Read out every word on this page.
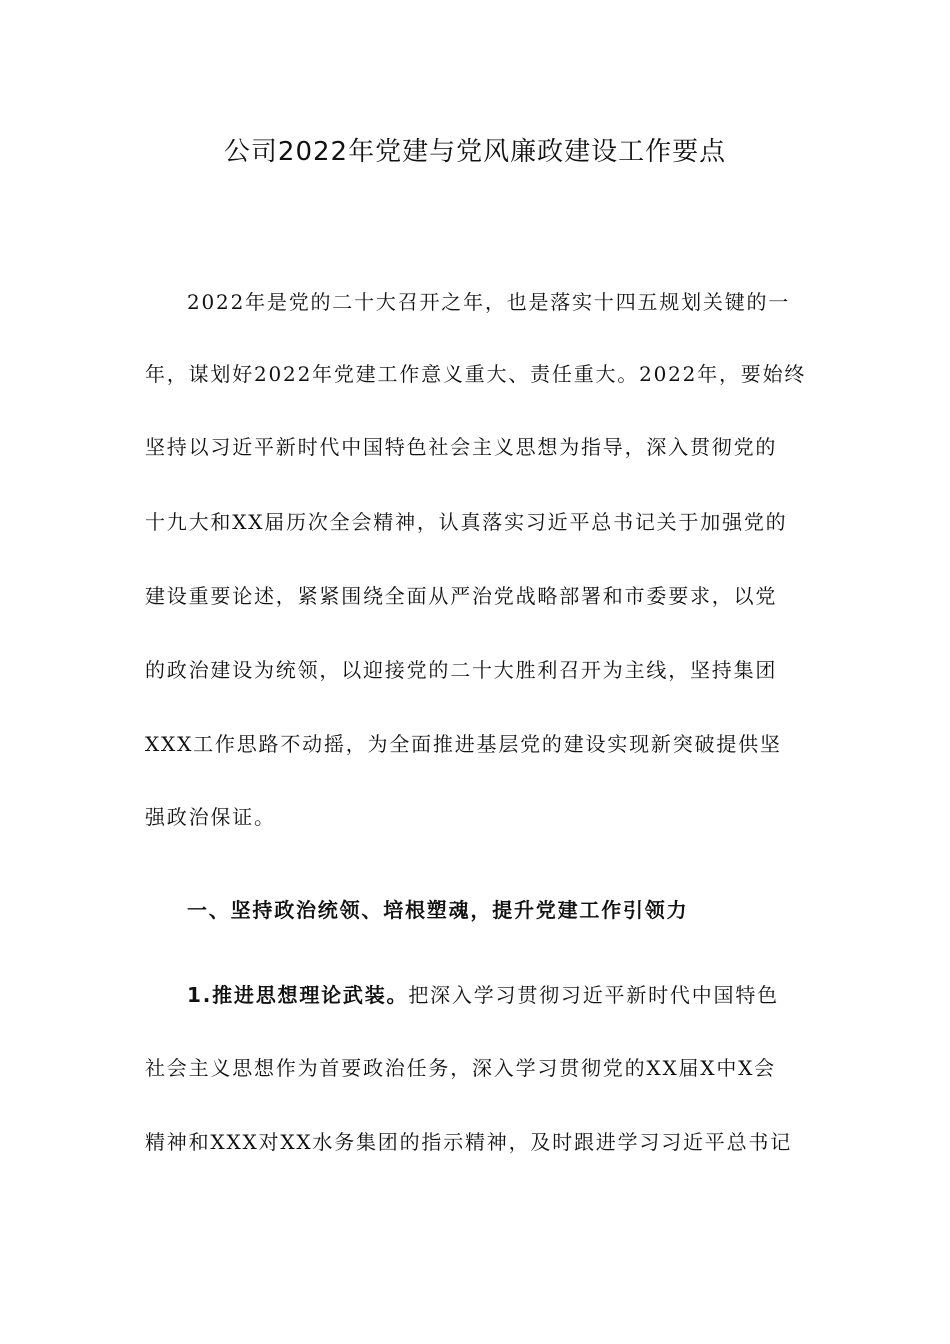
公司2022年党建与党风廉政建设工作要点

2022年是党的二十大召开之年，也是落实十四五规划关键的一

年，谋划好2022年党建工作意义重大、责任重大。2022年，要始终

坚持以习近平新时代中国特色社会主义思想为指导，深入贯彻党的

十九大和XX届历次全会精神，认真落实习近平总书记关于加强党的

建设重要论述，紧紧围绕全面从严治党战略部署和市委要求，以党

的政治建设为统领，以迎接党的二十大胜利召开为主线，坚持集团

XXX工作思路不动摇，为全面推进基层党的建设实现新突破提供坚

强政治保证。

一、坚持政治统领、培根塑魂，提升党建工作引领力

1.推进思想理论武装。把深入学习贯彻习近平新时代中国特色

社会主义思想作为首要政治任务，深入学习贯彻党的XX届X中X会

精神和XXX对XX水务集团的指示精神，及时跟进学习习近平总书记
